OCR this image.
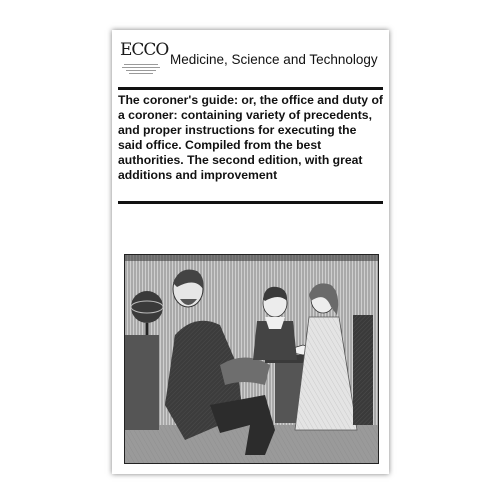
ECCO Medicine, Science and Technology

The coroner's guide: or, the office and duty of a coroner: containing variety of precedents, and proper instructions for executing the said office. Compiled from the best authorities. The second edition, with great additions and improvement
